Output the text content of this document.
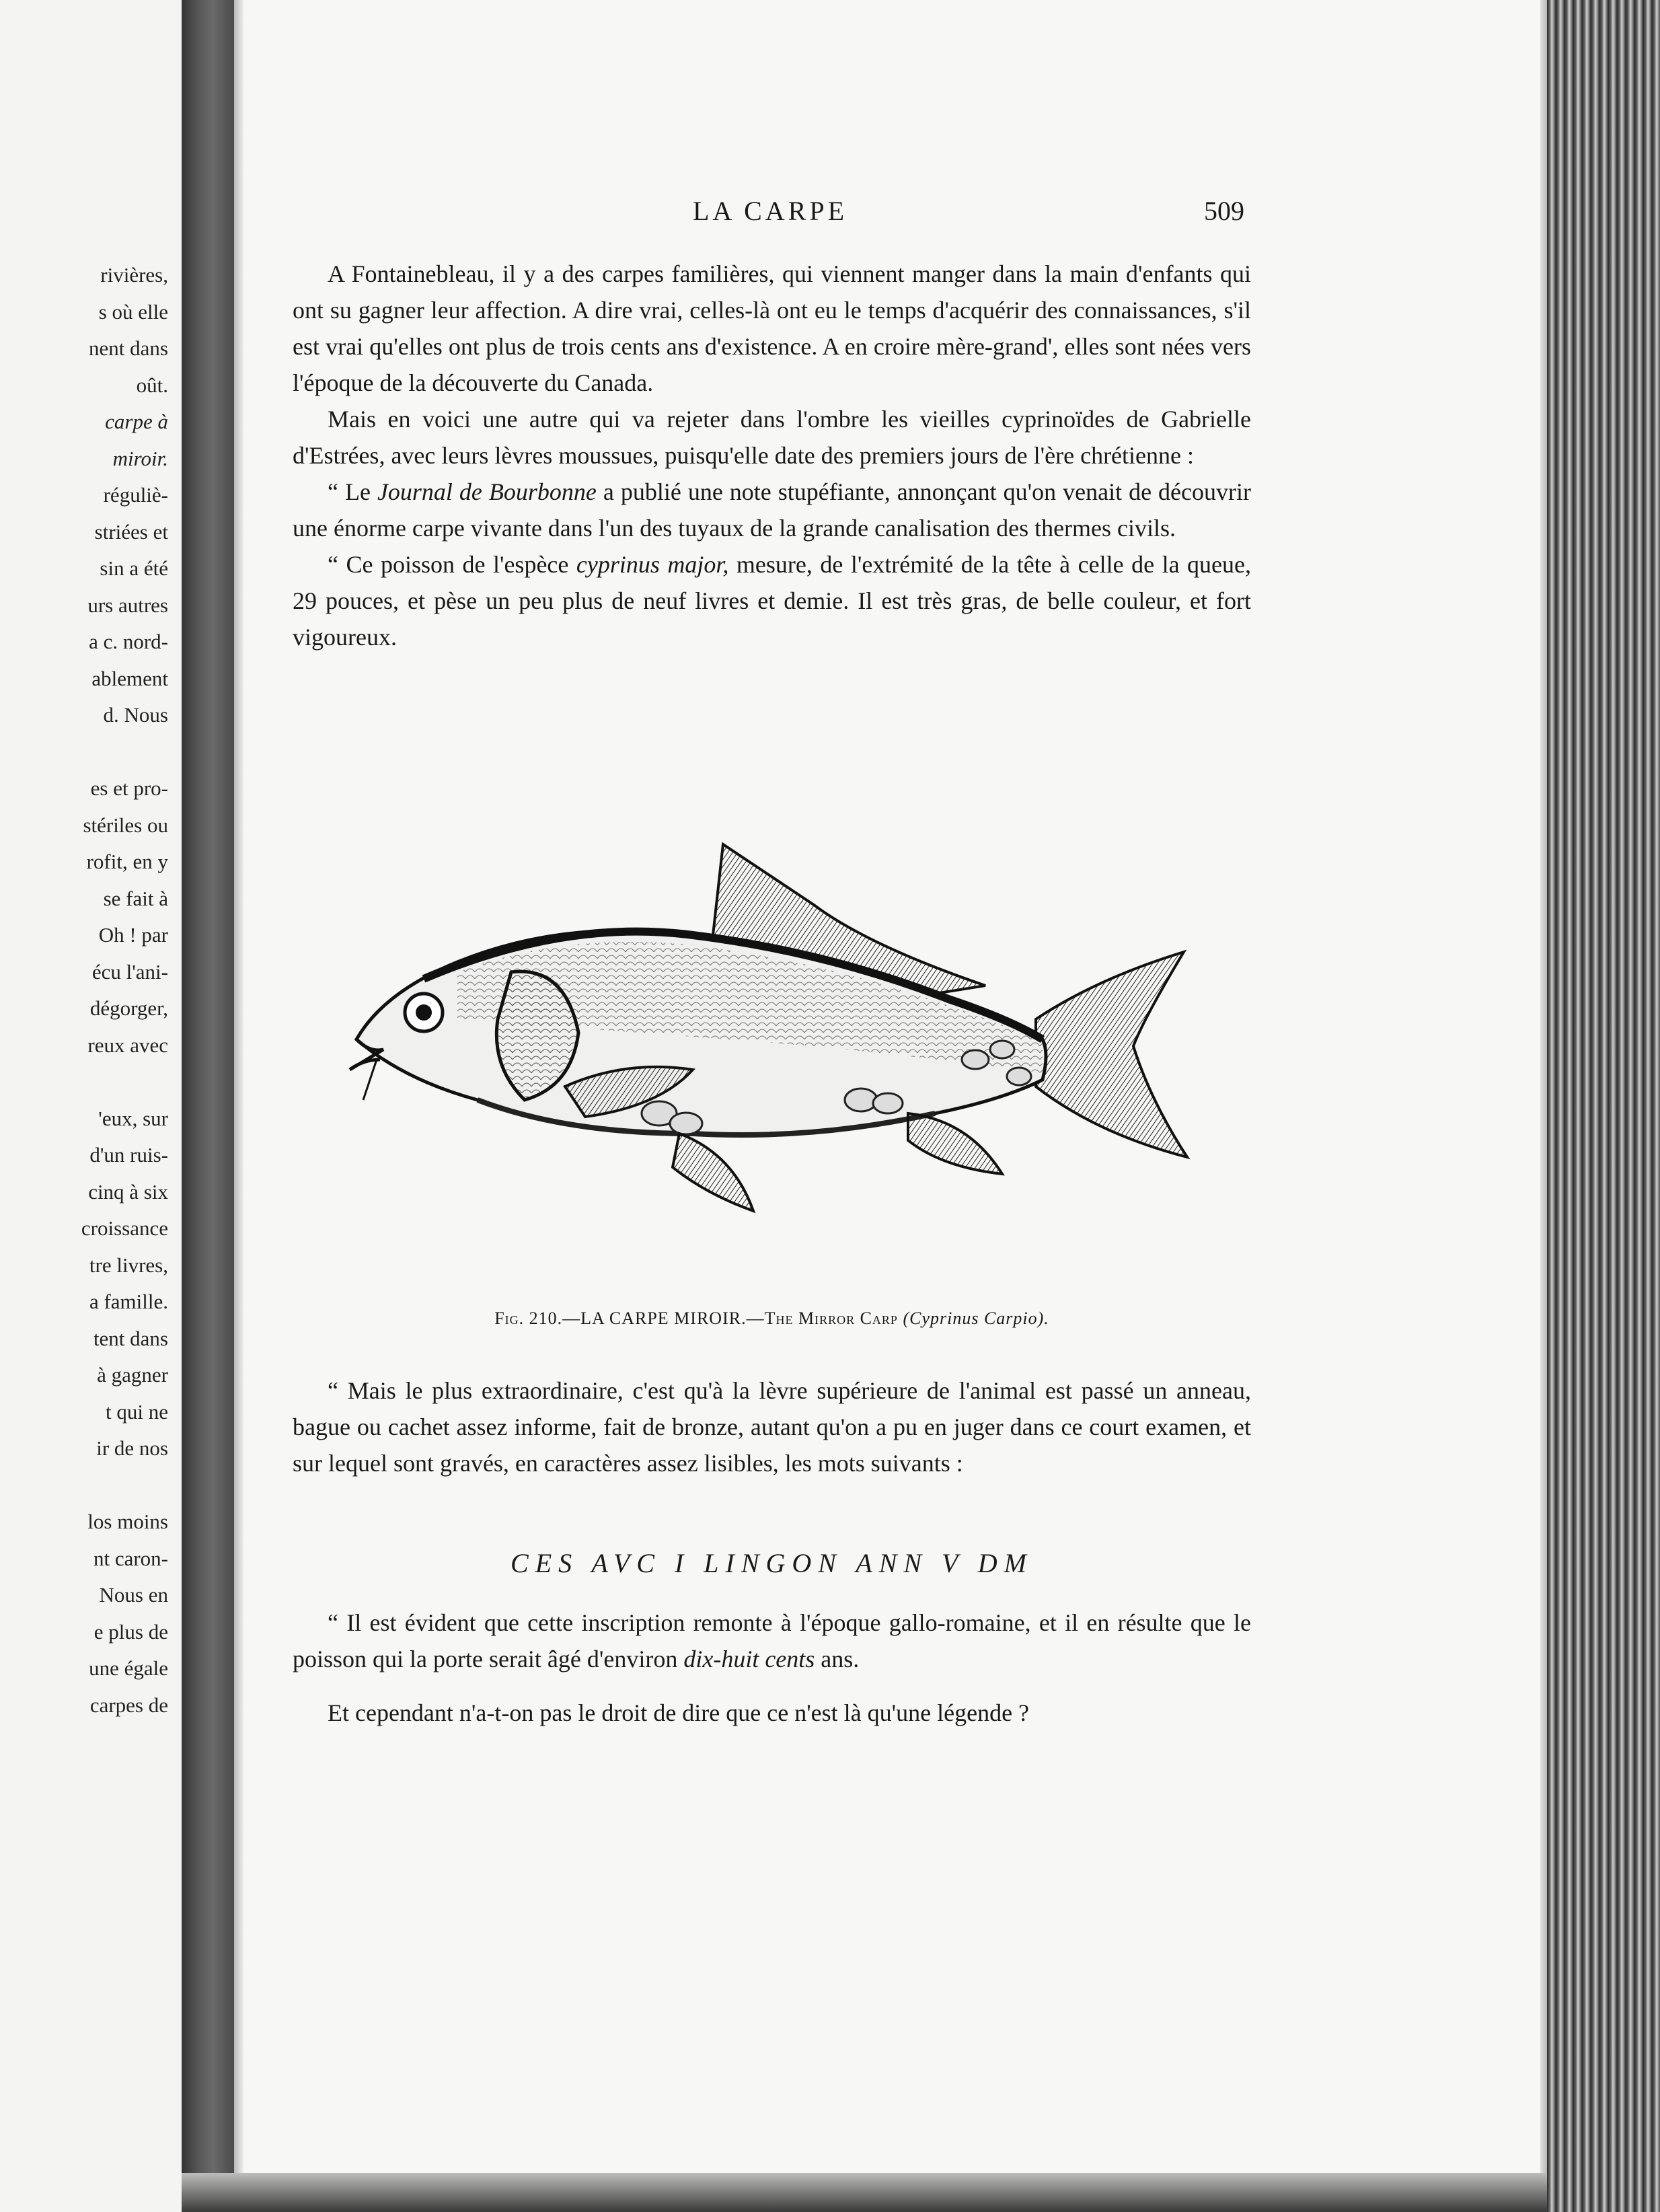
rivières,
s où elle
nent dans
oût.
carpe à
miroir.
réguliè-
striées et
sin a été
urs autres
a c. nord-
ablement
d. Nous
es et pro-
stériles ou
rofit, en y
se fait à
Oh ! par
écu l'ani-
dégorger,
reux avec
'eux, sur
d'un ruis-
cinq à six
croissance
tre livres,
a famille.
tent dans
à gagner
t qui ne
ir de nos
los moins
nt caron-
Nous en
e plus de
une égale
carpes de
LA CARPE	509

A Fontainebleau, il y a des carpes familières, qui viennent manger dans la main d'enfants qui ont su gagner leur affection. A dire vrai, celles-là ont eu le temps d'acquérir des connaissances, s'il est vrai qu'elles ont plus de trois cents ans d'existence. A en croire mère-grand', elles sont nées vers l'époque de la découverte du Canada.

Mais en voici une autre qui va rejeter dans l'ombre les vieilles cyprinoïdes de Gabrielle d'Estrées, avec leurs lèvres moussues, puisqu'elle date des premiers jours de l'ère chrétienne :

“ Le Journal de Bourbonne a publié une note stupéfiante, annonçant qu'on venait de découvrir une énorme carpe vivante dans l'un des tuyaux de la grande canalisation des thermes civils.

“ Ce poisson de l'espèce cyprinus major, mesure, de l'extrémité de la tête à celle de la queue, 29 pouces, et pèse un peu plus de neuf livres et demie. Il est très gras, de belle couleur, et fort vigoureux.

Fig. 210.—LA CARPE MIROIR.—The Mirror Carp (Cyprinus Carpio).

“ Mais le plus extraordinaire, c'est qu'à la lèvre supérieure de l'animal est passé un anneau, bague ou cachet assez informe, fait de bronze, autant qu'on a pu en juger dans ce court examen, et sur lequel sont gravés, en caractères assez lisibles, les mots suivants :

CES AVC I LINGON ANN V DM

“ Il est évident que cette inscription remonte à l'époque gallo-romaine, et il en résulte que le poisson qui la porte serait âgé d'environ dix-huit cents ans.

Et cependant n'a-t-on pas le droit de dire que ce n'est là qu'une légende ?
